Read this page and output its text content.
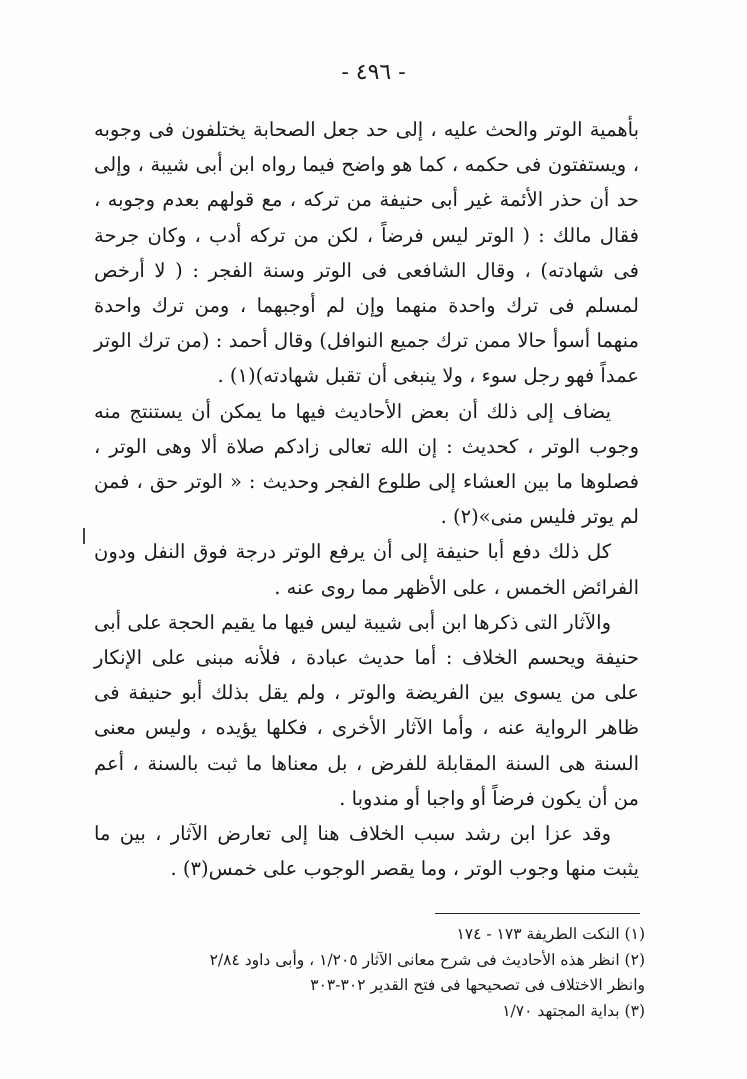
- ٤٩٦ -

بأهمية الوتر والحث عليه ، إلى حد جعل الصحابة يختلفون فى وجوبه ، ويستفتون فى حكمه ، كما هو واضح فيما رواه ابن أبى شيبة ، وإلى حد أن حذر الأئمة غير أبى حنيفة من تركه ، مع قولهم بعدم وجوبه ، فقال مالك : ( الوتر ليس فرضاً ، لكن من تركه أدب ، وكان جرحة فى شهادته) ، وقال الشافعى فى الوتر وسنة الفجر : ( لا أرخص لمسلم فى ترك واحدة منهما وإن لم أوجبهما ، ومن ترك واحدة منهما أسوأ حالا ممن ترك جميع النوافل) وقال أحمد : (من ترك الوتر عمداً فهو رجل سوء ، ولا ينبغى أن تقبل شهادته)(١) .

يضاف إلى ذلك أن بعض الأحاديث فيها ما يمكن أن يستنتج منه وجوب الوتر ، كحديث : إن الله تعالى زادكم صلاة ألا وهى الوتر ، فصلوها ما بين العشاء إلى طلوع الفجر وحديث : « الوتر حق ، فمن لم يوتر فليس منى»(٢) .

كل ذلك دفع أبا حنيفة إلى أن يرفع الوتر درجة فوق النفل ودون الفرائض الخمس ، على الأظهر مما روى عنه .

والآثار التى ذكرها ابن أبى شيبة ليس فيها ما يقيم الحجة على أبى حنيفة ويحسم الخلاف : أما حديث عبادة ، فلأنه مبنى على الإنكار على من يسوى بين الفريضة والوتر ، ولم يقل بذلك أبو حنيفة فى ظاهر الرواية عنه ، وأما الآثار الأخرى ، فكلها يؤيده ، وليس معنى السنة هى السنة المقابلة للفرض ، بل معناها ما ثبت بالسنة ، أعم من أن يكون فرضاً أو واجبا أو مندوبا .

وقد عزا ابن رشد سبب الخلاف هنا إلى تعارض الآثار ، بين ما يثبت منها وجوب الوتر ، وما يقصر الوجوب على خمس(٣) .

(١) النكت الطريفة ١٧٣ - ١٧٤

(٢) انظر هذه الأحاديث فى شرح معانى الآثار ١/٢٠٥ ، وأبى داود ٢/٨٤

وانظر الاختلاف فى تصحيحها فى فتح القدير ٣٠٢-٣٠٣

(٣) بداية المجتهد ١/٧٠
